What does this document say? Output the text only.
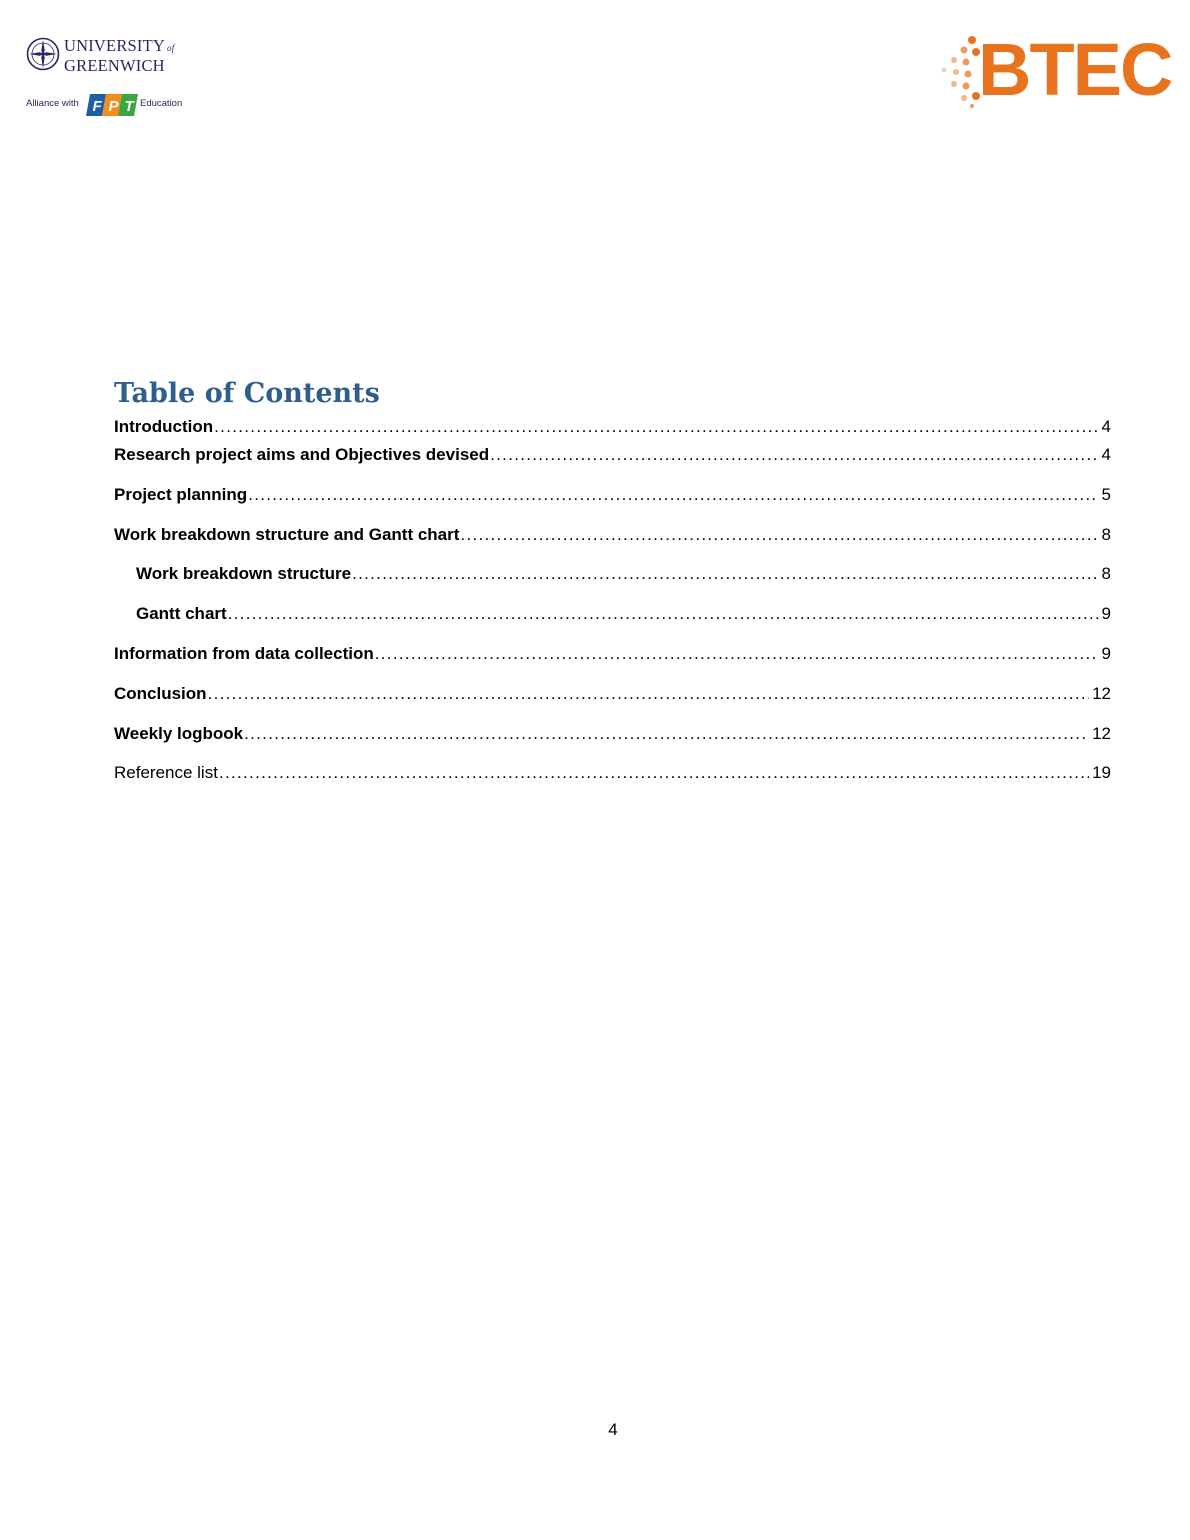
UNIVERSITY of
GREENWICH
Alliance with F P T Education	BTEC
Table of Contents
Introduction .....	4
Research project aims and Objectives devised .....	4
Project planning .....	5
Work breakdown structure and Gantt chart .....	8
Work breakdown structure .....	8
Gantt chart .....	9
Information from data collection .....	9
Conclusion .....	12
Weekly logbook .....	12
Reference list .....	19
4
